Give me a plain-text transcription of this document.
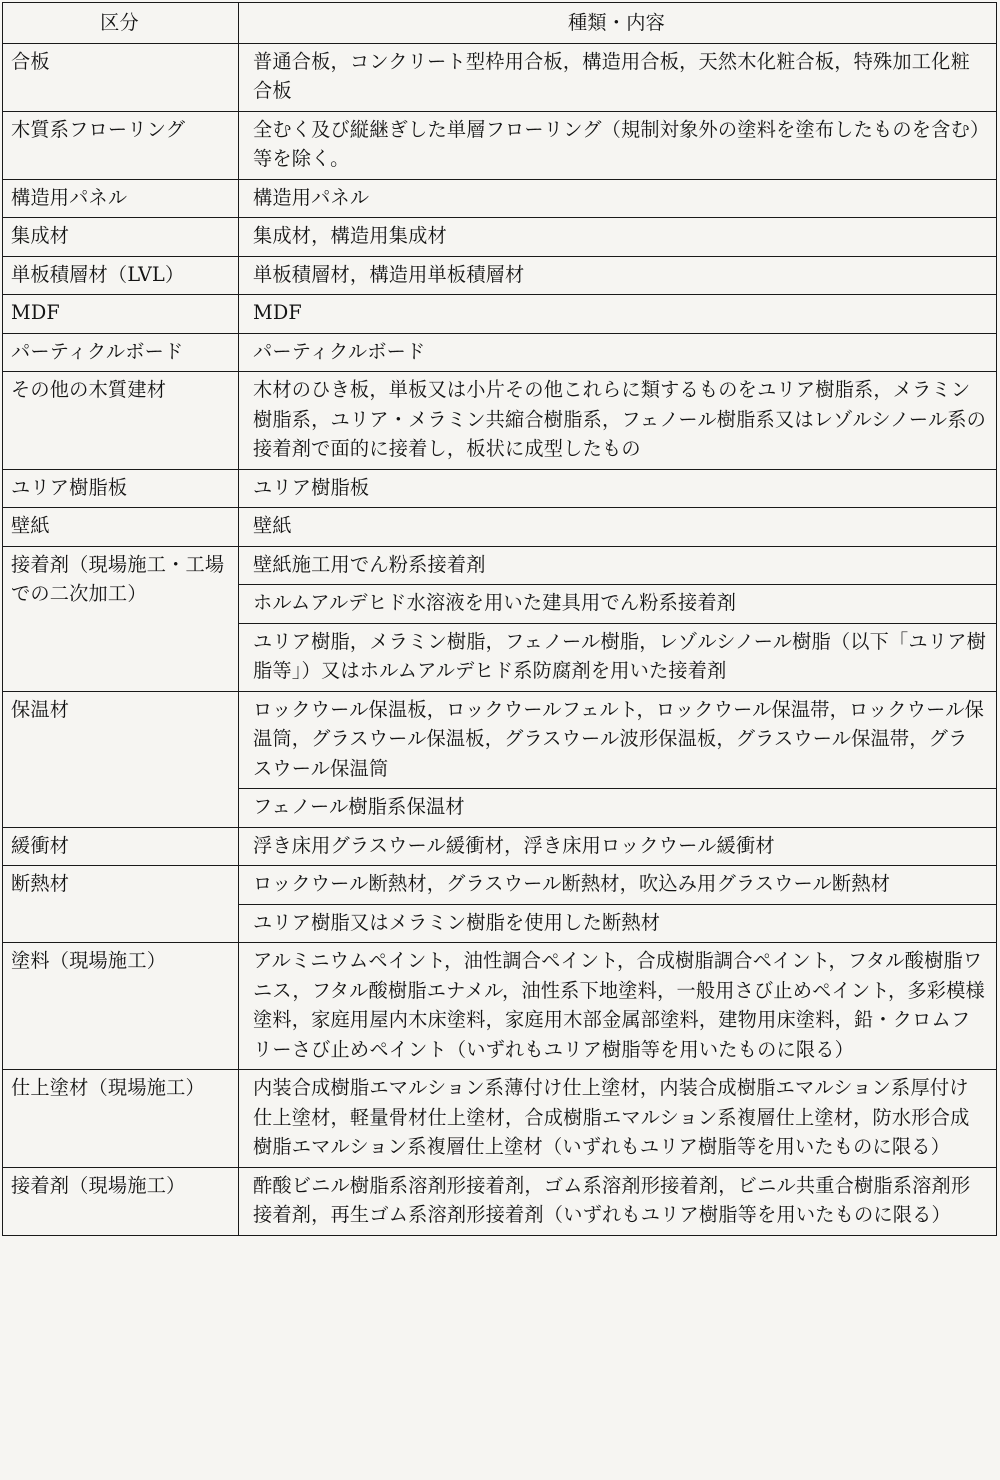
区分	種類・内容
合板	普通合板，コンクリート型枠用合板，構造用合板，天然木化粧合板，特殊加工化粧合板
木質系フローリング	全むく及び縦継ぎした単層フローリング（規制対象外の塗料を塗布したものを含む）等を除く。
構造用パネル	構造用パネル
集成材	集成材，構造用集成材
単板積層材（LVL）	単板積層材，構造用単板積層材
MDF	MDF
パーティクルボード	パーティクルボード
その他の木質建材	木材のひき板，単板又は小片その他これらに類するものをユリア樹脂系，メラミン樹脂系，ユリア・メラミン共縮合樹脂系，フェノール樹脂系又はレゾルシノール系の接着剤で面的に接着し，板状に成型したもの
ユリア樹脂板	ユリア樹脂板
壁紙	壁紙
接着剤（現場施工・工場での二次加工）	壁紙施工用でん粉系接着剤
	ホルムアルデヒド水溶液を用いた建具用でん粉系接着剤
	ユリア樹脂，メラミン樹脂，フェノール樹脂，レゾルシノール樹脂（以下「ユリア樹脂等」）又はホルムアルデヒド系防腐剤を用いた接着剤
保温材	ロックウール保温板，ロックウールフェルト，ロックウール保温帯，ロックウール保温筒，グラスウール保温板，グラスウール波形保温板，グラスウール保温帯，グラスウール保温筒
	フェノール樹脂系保温材
緩衝材	浮き床用グラスウール緩衝材，浮き床用ロックウール緩衝材
断熱材	ロックウール断熱材，グラスウール断熱材，吹込み用グラスウール断熱材
	ユリア樹脂又はメラミン樹脂を使用した断熱材
塗料（現場施工）	アルミニウムペイント，油性調合ペイント，合成樹脂調合ペイント，フタル酸樹脂ワニス，フタル酸樹脂エナメル，油性系下地塗料，一般用さび止めペイント，多彩模様塗料，家庭用屋内木床塗料，家庭用木部金属部塗料，建物用床塗料，鉛・クロムフリーさび止めペイント（いずれもユリア樹脂等を用いたものに限る）
仕上塗材（現場施工）	内装合成樹脂エマルション系薄付け仕上塗材，内装合成樹脂エマルション系厚付け仕上塗材，軽量骨材仕上塗材，合成樹脂エマルション系複層仕上塗材，防水形合成樹脂エマルション系複層仕上塗材（いずれもユリア樹脂等を用いたものに限る）
接着剤（現場施工）	酢酸ビニル樹脂系溶剤形接着剤，ゴム系溶剤形接着剤，ビニル共重合樹脂系溶剤形接着剤，再生ゴム系溶剤形接着剤（いずれもユリア樹脂等を用いたものに限る）
